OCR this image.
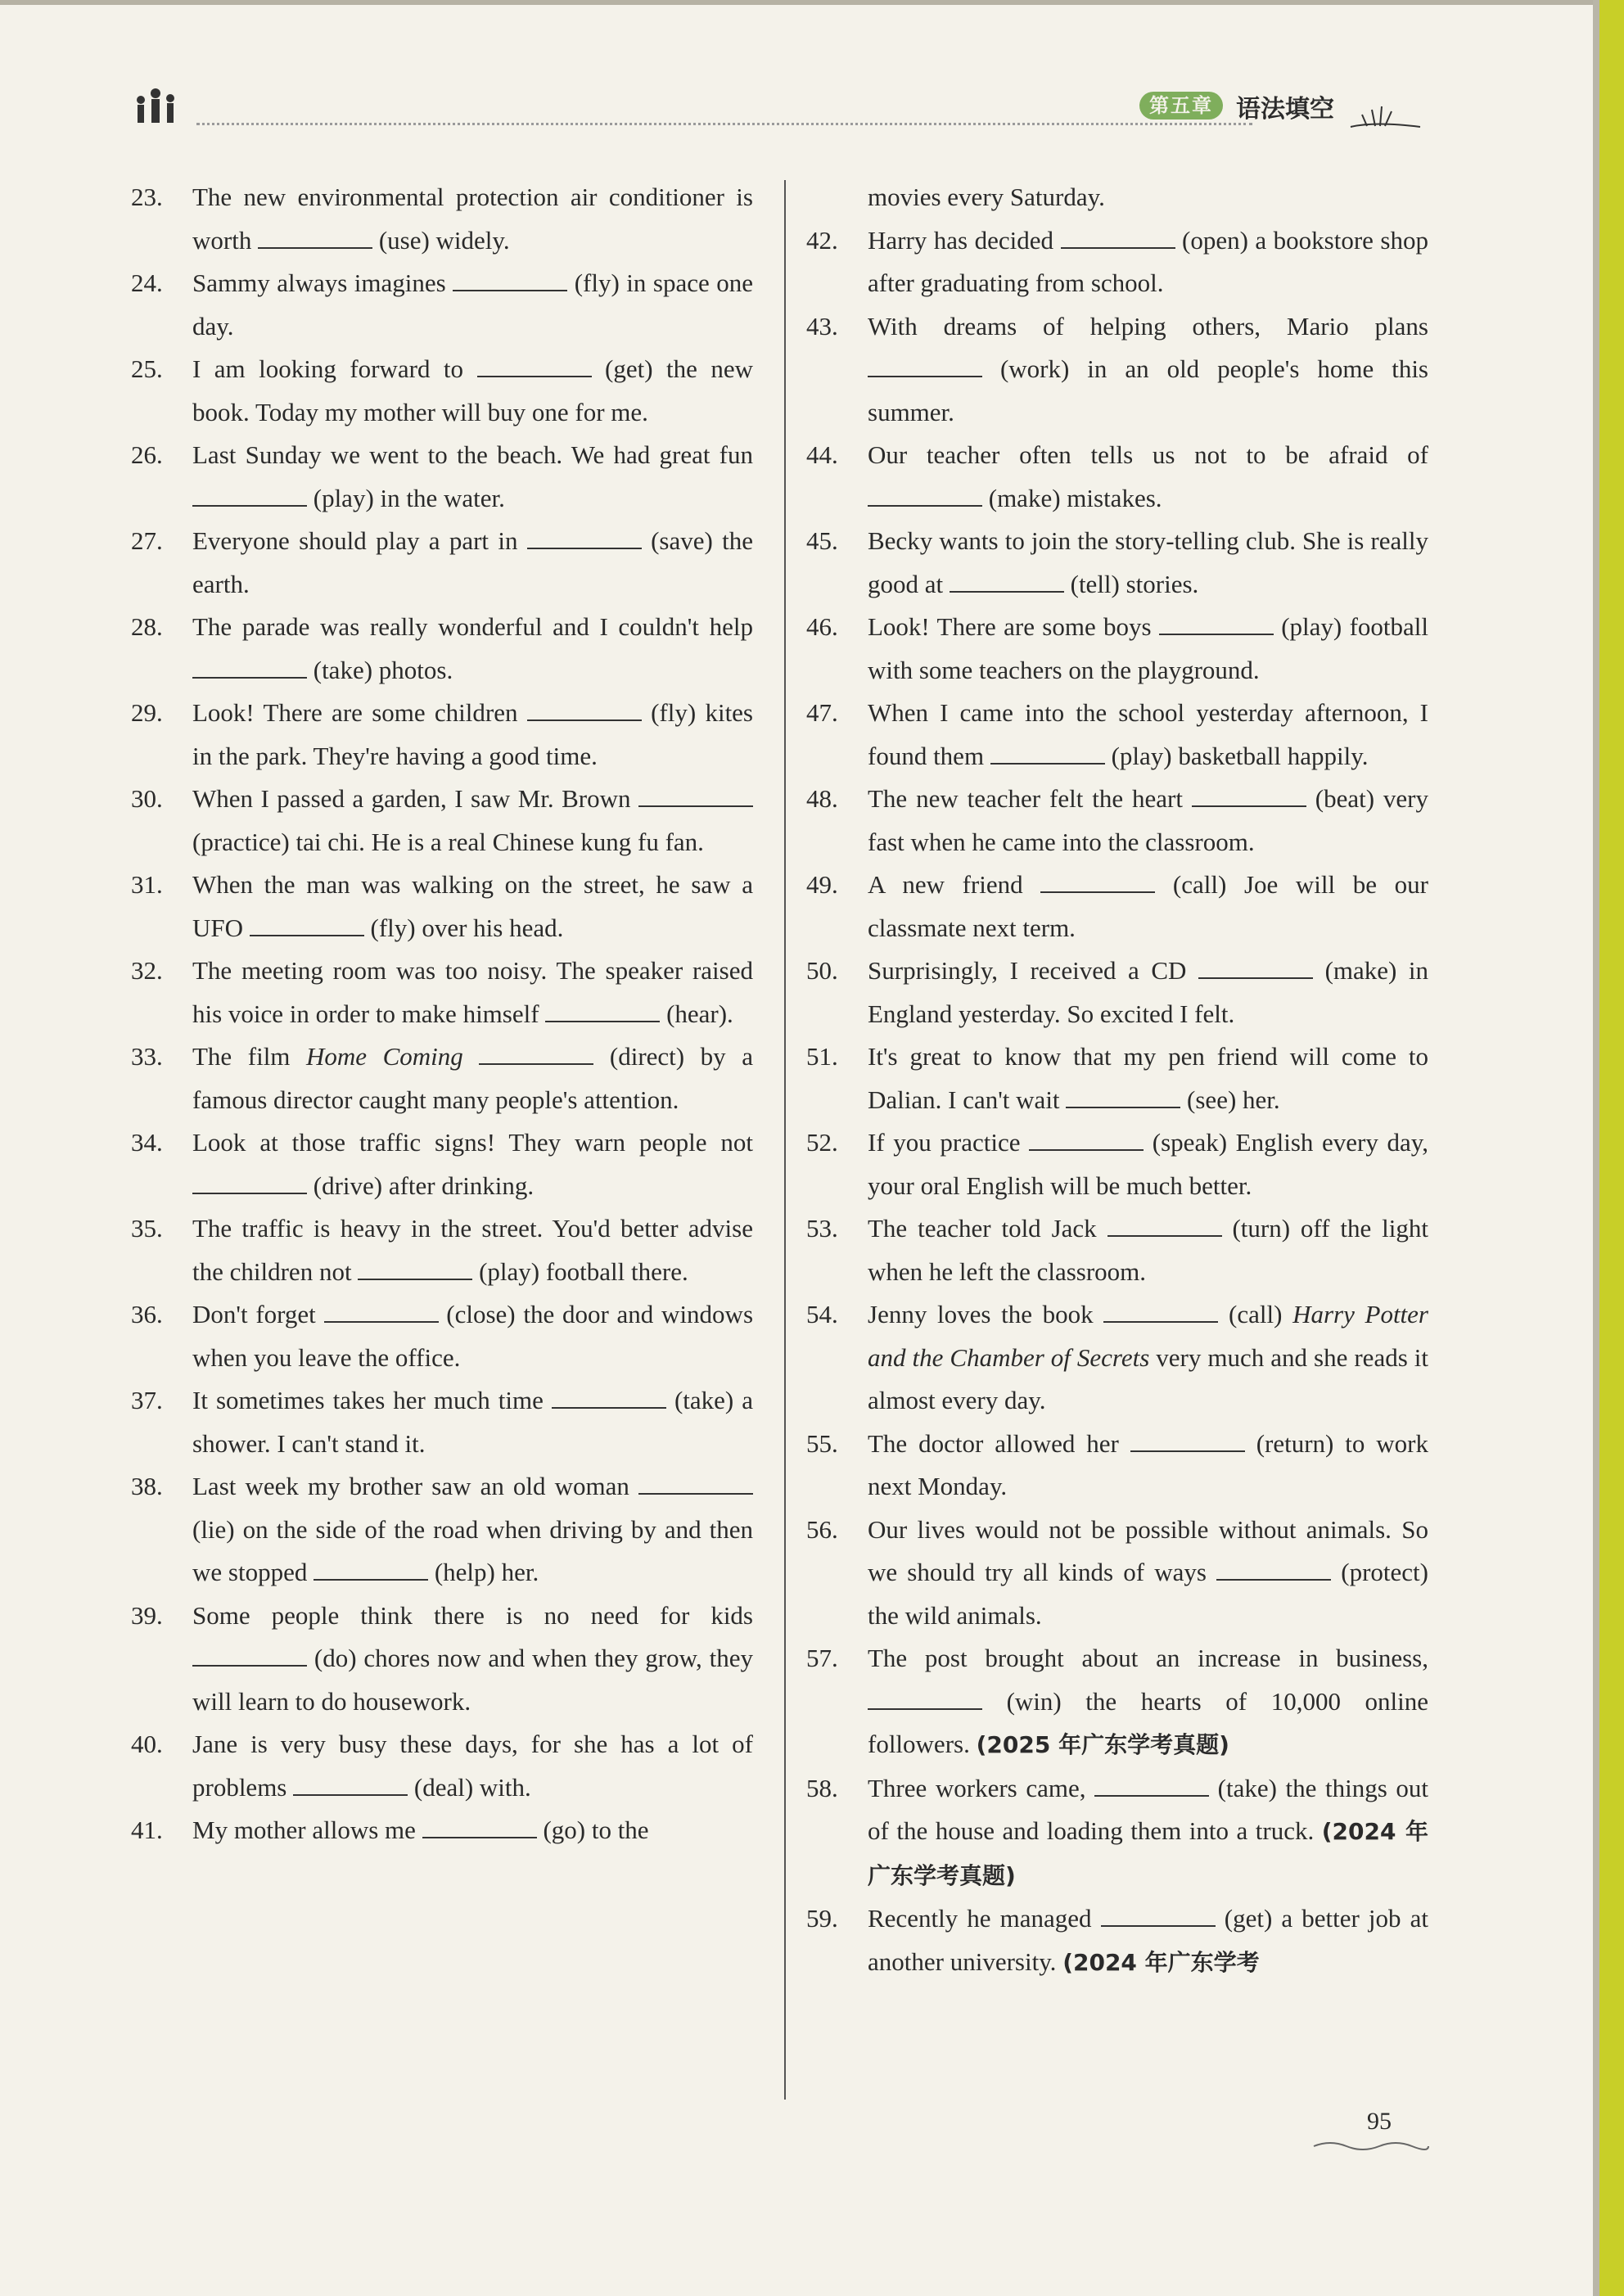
第五章 语法填空
23. The new environmental protection air conditioner is worth	(use) widely.
24. Sammy always imagines	(fly) in space one day.
25. I am looking forward to	(get) the new book. Today my mother will buy one for me.
26. Last Sunday we went to the beach. We had great fun  (play) in the water.
27. Everyone should play a part in	(save) the earth.
28. The parade was really wonderful and I couldn't help  (take) photos.
29. Look! There are some children	(fly) kites in the park. They're having a good time.
30. When I passed a garden, I saw Mr. Brown  (practice) tai chi. He is a real Chinese kung fu fan.
31. When the man was walking on the street, he saw a UFO	(fly) over his head.
32. The meeting room was too noisy. The speaker raised his voice in order to make himself	(hear).
33. The film Home Coming	(direct) by a famous director caught many people's attention.
34. Look at those traffic signs! They warn people not  (drive) after drinking.
35. The traffic is heavy in the street. You'd better advise the children not	(play) football there.
36. Don't forget	(close) the door and windows when you leave the office.
37. It sometimes takes her much time	(take) a shower. I can't stand it.
38. Last week my brother saw an old woman  (lie) on the side of the road when driving by and then we stopped	(help) her.
39. Some people think there is no need for kids  (do) chores now and when they grow, they will learn to do housework.
40. Jane is very busy these days, for she has a lot of problems	(deal) with.
41. My mother allows me	(go) to the
movies every Saturday.
42. Harry has decided	(open) a bookstore shop after graduating from school.
43. With dreams of helping others, Mario plans  (work) in an old people's home this summer.
44. Our teacher often tells us not to be afraid of  (make) mistakes.
45. Becky wants to join the story-telling club. She is really good at	(tell) stories.
46. Look! There are some boys	(play) football with some teachers on the playground.
47. When I came into the school yesterday afternoon, I found them	(play) basketball happily.
48. The new teacher felt the heart	(beat) very fast when he came into the classroom.
49. A new friend	(call) Joe will be our classmate next term.
50. Surprisingly, I received a CD	(make) in England yesterday. So excited I felt.
51. It's great to know that my pen friend will come to Dalian. I can't wait	(see) her.
52. If you practice	(speak) English every day, your oral English will be much better.
53. The teacher told Jack	(turn) off the light when he left the classroom.
54. Jenny loves the book	(call) Harry Potter and the Chamber of Secrets very much and she reads it almost every day.
55. The doctor allowed her	(return) to work next Monday.
56. Our lives would not be possible without animals. So we should try all kinds of ways	(protect) the wild animals.
57. The post brought about an increase in business,  (win) the hearts of 10,000 online followers. (2025 年广东学考真题)
58. Three workers came,	(take) the things out of the house and loading them into a truck. (2024 年广东学考真题)
59. Recently he managed	(get) a better job at another university. (2024 年广东学考
95
